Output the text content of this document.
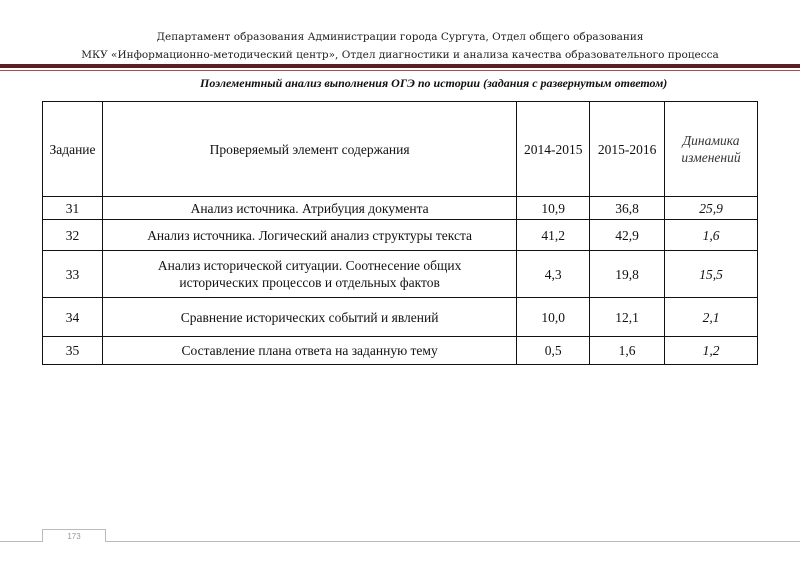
Департамент образования Администрации города Сургута, Отдел общего образования
МКУ «Информационно-методический центр», Отдел диагностики и анализа качества образовательного процесса
Поэлементный анализ выполнения ОГЭ по истории (задания с развернутым ответом)
Задание	Проверяемый элемент содержания	2014-2015	2015-2016	Динамика изменений
31	Анализ источника. Атрибуция документа	10,9	36,8	25,9
32	Анализ источника. Логический анализ структуры текста	41,2	42,9	1,6
33	Анализ исторической ситуации. Соотнесение общих исторических процессов и отдельных фактов	4,3	19,8	15,5
34	Сравнение исторических событий и явлений	10,0	12,1	2,1
35	Составление плана ответа на заданную тему	0,5	1,6	1,2
173
